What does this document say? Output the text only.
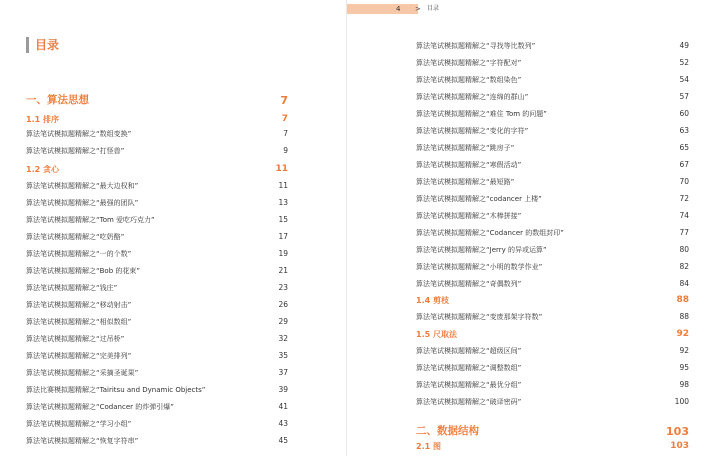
目录
一、算法思想	7
1.1 排序	7
算法笔试模拟题精解之“数组变换”	7
算法笔试模拟题精解之“打怪兽”	9
1.2 贪心	11
算法笔试模拟题精解之“最大边权和”	11
算法笔试模拟题精解之“最强的团队”	13
算法笔试模拟题精解之“Tom 爱吃巧克力”	15
算法笔试模拟题精解之“吃奶酪”	17
算法笔试模拟题精解之“一的个数”	19
算法笔试模拟题精解之“Bob 的花束”	21
算法笔试模拟题精解之“钱庄”	23
算法笔试模拟题精解之“移动射击”	26
算法笔试模拟题精解之“相似数组”	29
算法笔试模拟题精解之“过吊桥”	32
算法笔试模拟题精解之“完美排列”	35
算法笔试模拟题精解之“采摘圣诞果”	37
算法比赛模拟题精解之“Tairitsu and Dynamic Objects”	39
算法笔试模拟题精解之“Codancer 的炸弹引爆”	41
算法笔试模拟题精解之“学习小组”	43
算法笔试模拟题精解之“恢复字符串”	45
4 > 目录
算法笔试模拟题精解之“寻找等比数列”	49
算法笔试模拟题精解之“字符配对”	52
算法笔试模拟题精解之“数组染色”	54
算法笔试模拟题精解之“连绵的群山”	57
算法笔试模拟题精解之“难住 Tom 的问题”	60
算法笔试模拟题精解之“变化的字符”	63
算法笔试模拟题精解之“跳房子”	65
算法笔试模拟题精解之“寒假活动”	67
算法笔试模拟题精解之“最短路”	70
算法笔试模拟题精解之“codancer 上楼”	72
算法笔试模拟题精解之“木棒拼接”	74
算法笔试模拟题精解之“Codancer 的数组封印”	77
算法笔试模拟题精解之“Jerry 的异或运算”	80
算法笔试模拟题精解之“小明的数学作业”	82
算法笔试模拟题精解之“奇偶数列”	84
1.4 剪枝	88
算法笔试模拟题精解之“变废那架字符数”	88
1.5 尺取法	92
算法笔试模拟题精解之“超级区间”	92
算法笔试模拟题精解之“调整数组”	95
算法笔试模拟题精解之“最优分组”	98
算法笔试模拟题精解之“破译密码”	100
二、数据结构	103
2.1 图	103
